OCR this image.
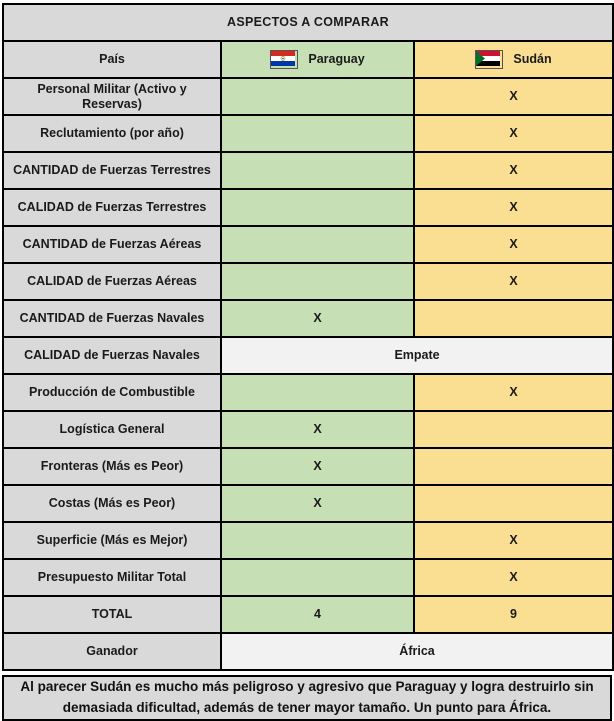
ASPECTOS A COMPARAR		
País	Paraguay	Sudán

Personal Militar (Activo y Reservas)		X
Reclutamiento (por año)		X
CANTIDAD de Fuerzas Terrestres		X
CALIDAD de Fuerzas Terrestres		X
CANTIDAD de Fuerzas Aéreas		X
CALIDAD de Fuerzas Aéreas		X
CANTIDAD de Fuerzas Navales	X	
CALIDAD de Fuerzas Navales	Empate	
Producción de Combustible		X
Logística General	X	
Fronteras (Más es Peor)	X	
Costas (Más es Peor)	X	
Superficie (Más es Mejor)		X
Presupuesto Militar Total		X
TOTAL	4	9
Ganador	África	
Al parecer Sudán es mucho más peligroso y agresivo que Paraguay y logra destruirlo sin demasiada dificultad, además de tener mayor tamaño. Un punto para África.
